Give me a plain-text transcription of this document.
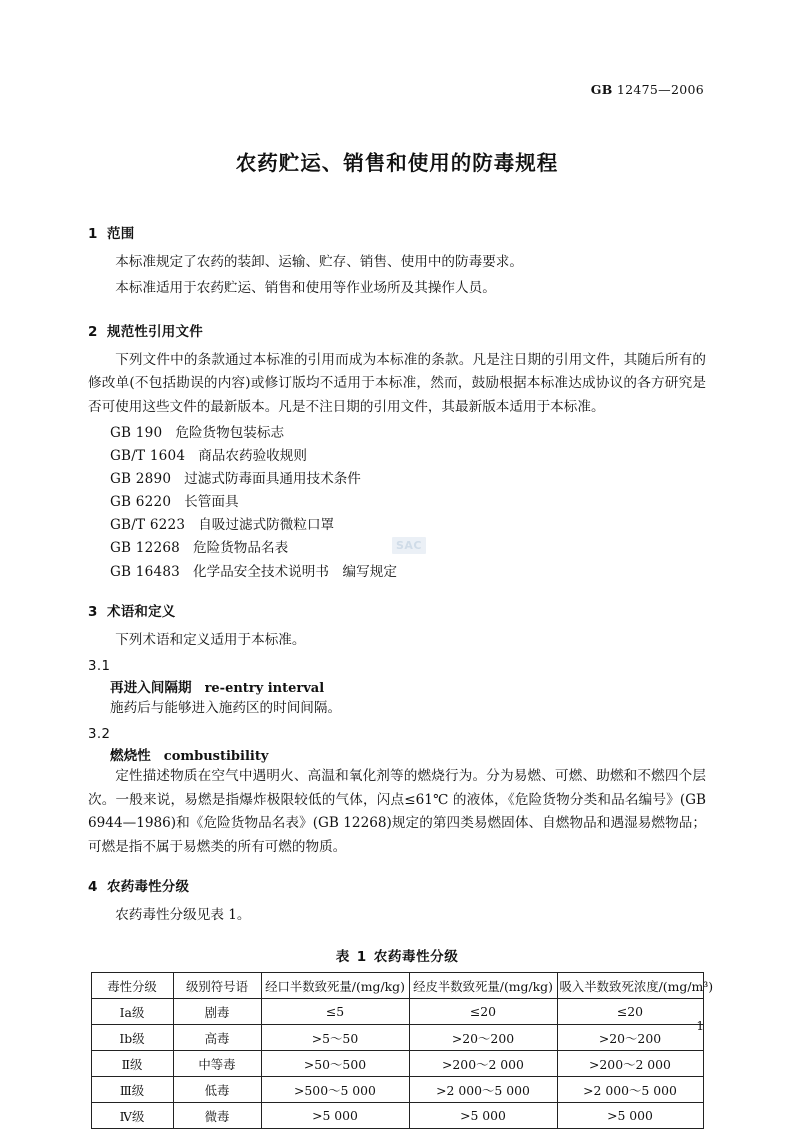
GB 12475—2006
农药贮运、销售和使用的防毒规程
1 范围

本标准规定了农药的装卸、运输、贮存、销售、使用中的防毒要求。

本标准适用于农药贮运、销售和使用等作业场所及其操作人员。

2 规范性引用文件

下列文件中的条款通过本标准的引用而成为本标准的条款。凡是注日期的引用文件，其随后所有的修改单(不包括勘误的内容)或修订版均不适用于本标准，然而，鼓励根据本标准达成协议的各方研究是否可使用这些文件的最新版本。凡是不注日期的引用文件，其最新版本适用于本标准。

GB 190 危险货物包装标志
GB/T 1604 商品农药验收规则
GB 2890 过滤式防毒面具通用技术条件
GB 6220 长管面具
GB/T 6223 自吸过滤式防微粒口罩
GB 12268 危险货物品名表
GB 16483 化学品安全技术说明书　编写规定
3 术语和定义

下列术语和定义适用于本标准。

3.1
再进入间隔期 re-entry interval

施药后与能够进入施药区的时间间隔。

3.2
燃烧性 combustibility

定性描述物质在空气中遇明火、高温和氧化剂等的燃烧行为。分为易燃、可燃、助燃和不燃四个层次。一般来说，易燃是指爆炸极限较低的气体，闪点≤61℃ 的液体，《危险货物分类和品名编号》(GB 6944—1986)和《危险货物品名表》(GB 12268)规定的第四类易燃固体、自燃物品和遇湿易燃物品；可燃是指不属于易燃类的所有可燃的物质。

4 农药毒性分级

农药毒性分级见表 1。

表 1 农药毒性分级
毒性分级	级别符号语	经口半数致死量/(mg/kg)	经皮半数致死量/(mg/kg)	吸入半数致死浓度/(mg/m³)
Ⅰa级	剧毒	≤5	≤20	≤20
Ⅰb级	高毒	>5～50	>20～200	>20～200
Ⅱ级	中等毒	>50～500	>200～2 000	>200～2 000
Ⅲ级	低毒	>500～5 000	>2 000～5 000	>2 000～5 000
Ⅳ级	微毒	>5 000	>5 000	>5 000
SAC
1
